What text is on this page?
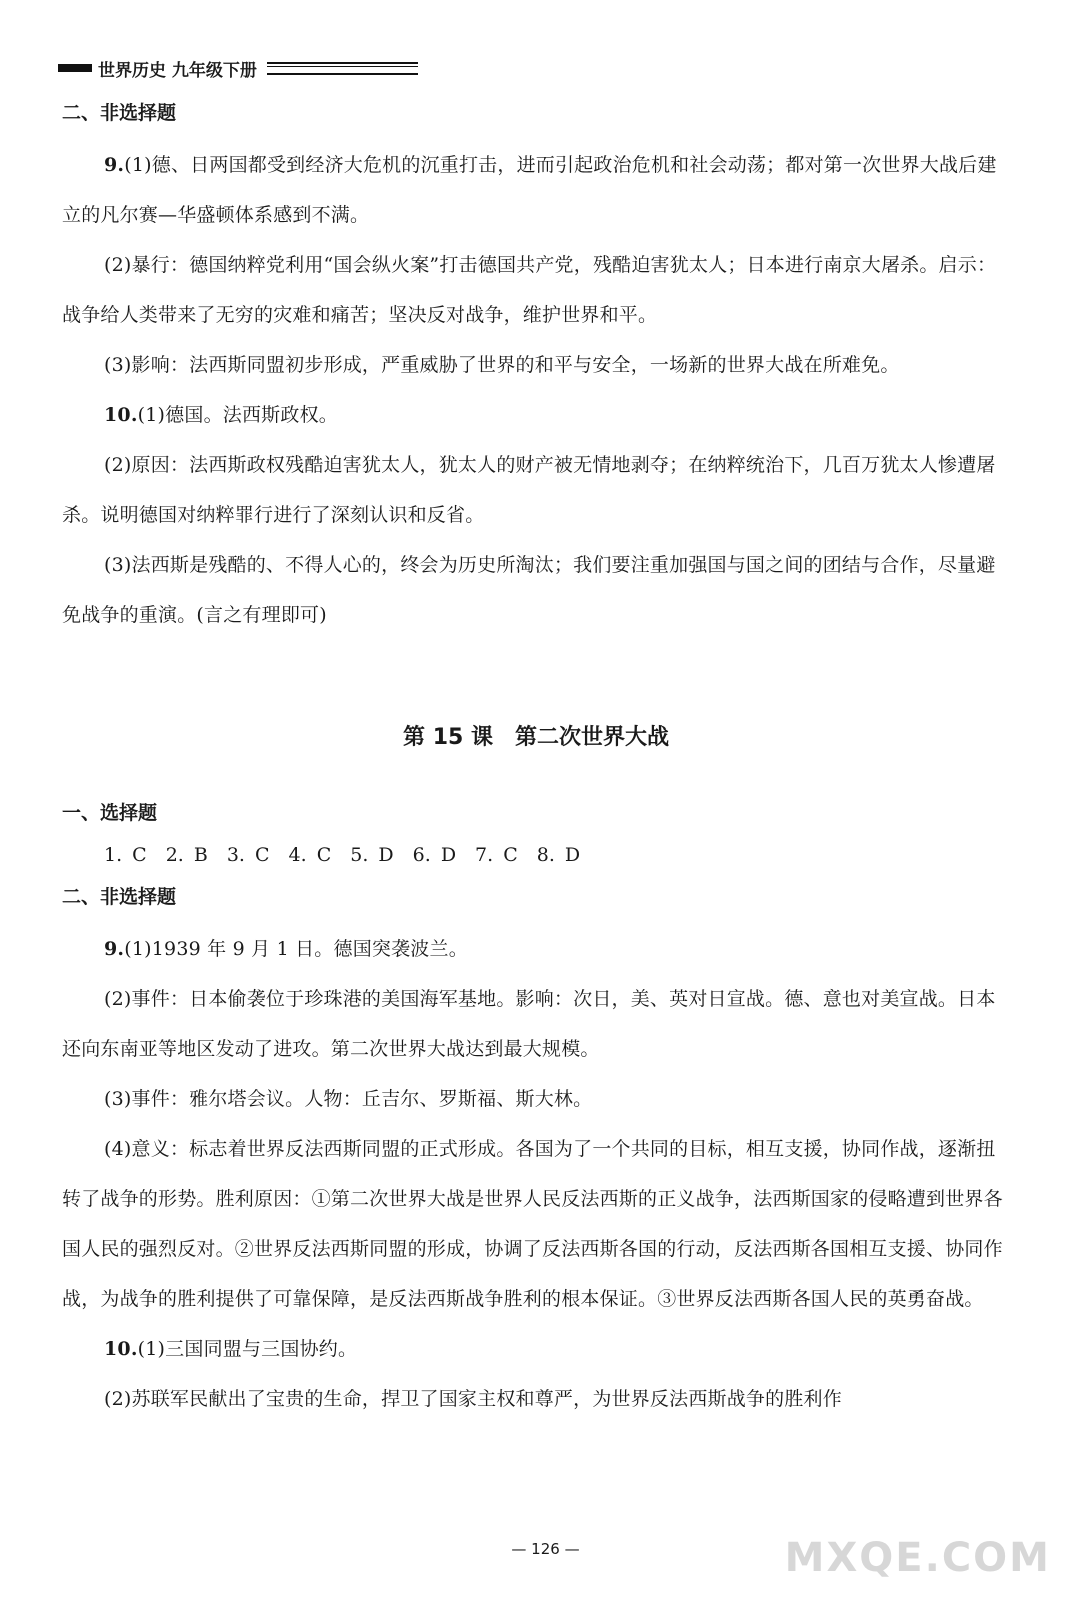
世界历史 九年级下册
二、非选择题

9.(1)德、日两国都受到经济大危机的沉重打击，进而引起政治危机和社会动荡；都对第一次世界大战后建立的凡尔赛—华盛顿体系感到不满。

(2)暴行：德国纳粹党利用“国会纵火案”打击德国共产党，残酷迫害犹太人；日本进行南京大屠杀。启示：战争给人类带来了无穷的灾难和痛苦；坚决反对战争，维护世界和平。

(3)影响：法西斯同盟初步形成，严重威胁了世界的和平与安全，一场新的世界大战在所难免。

10.(1)德国。法西斯政权。

(2)原因：法西斯政权残酷迫害犹太人，犹太人的财产被无情地剥夺；在纳粹统治下，几百万犹太人惨遭屠杀。说明德国对纳粹罪行进行了深刻认识和反省。

(3)法西斯是残酷的、不得人心的，终会为历史所淘汰；我们要注重加强国与国之间的团结与合作，尽量避免战争的重演。(言之有理即可)

第 15 课　第二次世界大战
一、选择题

1. C　2. B　3. C　4. C　5. D　6. D　7. C　8. D

二、非选择题

9.(1)1939 年 9 月 1 日。德国突袭波兰。

(2)事件：日本偷袭位于珍珠港的美国海军基地。影响：次日，美、英对日宣战。德、意也对美宣战。日本还向东南亚等地区发动了进攻。第二次世界大战达到最大规模。

(3)事件：雅尔塔会议。人物：丘吉尔、罗斯福、斯大林。

(4)意义：标志着世界反法西斯同盟的正式形成。各国为了一个共同的目标，相互支援，协同作战，逐渐扭转了战争的形势。胜利原因：①第二次世界大战是世界人民反法西斯的正义战争，法西斯国家的侵略遭到世界各国人民的强烈反对。②世界反法西斯同盟的形成，协调了反法西斯各国的行动，反法西斯各国相互支援、协同作战，为战争的胜利提供了可靠保障，是反法西斯战争胜利的根本保证。③世界反法西斯各国人民的英勇奋战。

10.(1)三国同盟与三国协约。

(2)苏联军民献出了宝贵的生命，捍卫了国家主权和尊严，为世界反法西斯战争的胜利作

— 126 —	MXQE.COM
